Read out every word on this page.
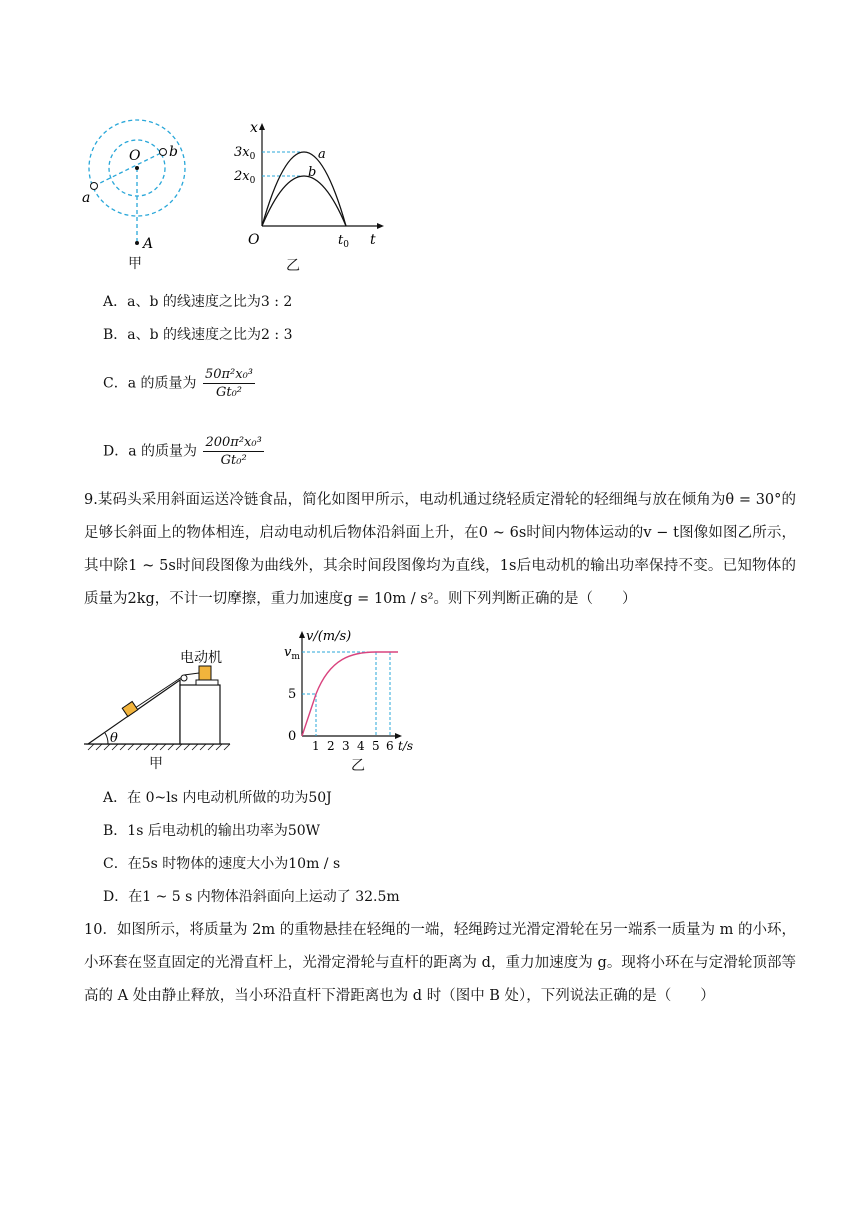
O
a
b
A
甲
x
t
O	$t_0$
$3x_0$
$2x_0$
a
b
乙
A．a、b 的线速度之比为3 : 2
B．a、b 的线速度之比为2 : 3
C．a 的质量为 $\frac{\text{50π²x₀³}}{\text{Gt₀²}}$
D．a 的质量为 $\frac{\text{200π²x₀³}}{\text{Gt₀²}}$
9.某码头采用斜面运送冷链食品，简化如图甲所示，电动机通过绕轻质定滑轮的轻细绳与放在倾角为θ = 30°的足够长斜面上的物体相连，启动电动机后物体沿斜面上升，在0 ~ 6s时间内物体运动的v − t图像如图乙所示，其中除1 ~ 5s时间段图像为曲线外，其余时间段图像均为直线，1s后电动机的输出功率保持不变。已知物体的质量为2kg，不计一切摩擦，重力加速度g = 10m / s²。则下列判断正确的是（　　）
θ
电动机
甲
v/(m/s)
$v_m$
5
0
1 2 3 4 5 6 t/s
乙
A．在 0~ls 内电动机所做的功为50J
B．1s 后电动机的输出功率为50W
C．在5s 时物体的速度大小为10m / s
D．在1 ~ 5 s 内物体沿斜面向上运动了 32.5m
10．如图所示，将质量为 2m 的重物悬挂在轻绳的一端，轻绳跨过光滑定滑轮在另一端系一质量为 m 的小环，小环套在竖直固定的光滑直杆上，光滑定滑轮与直杆的距离为 d，重力加速度为 g。现将小环在与定滑轮顶部等高的 A 处由静止释放，当小环沿直杆下滑距离也为 d 时（图中 B 处），下列说法正确的是（　　）
